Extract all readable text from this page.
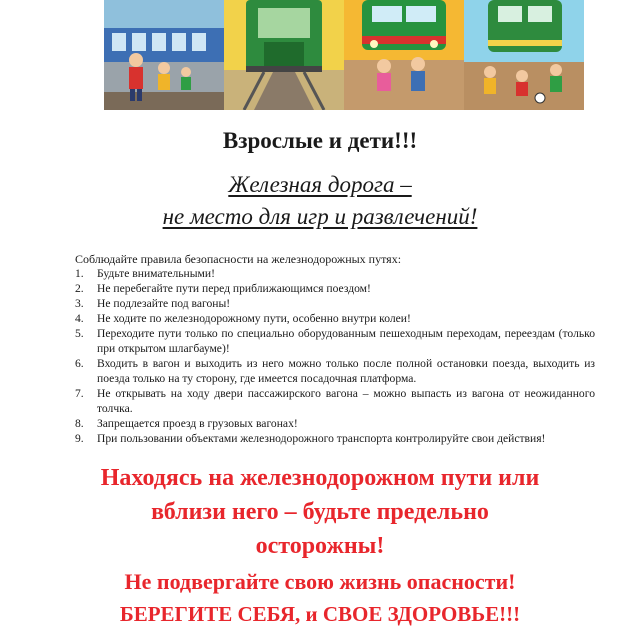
Взрослые и дети!!!
Железная дорога –
не место для игр и развлечений!
Соблюдайте правила безопасности на железнодорожных путях:
1. Будьте внимательными!
2. Не перебегайте пути перед приближающимся поездом!
3. Не подлезайте под вагоны!
4. Не ходите по железнодорожному пути, особенно внутри колеи!
5. Переходите пути только по специально оборудованным пешеходным переходам, переездам (только при открытом шлагбауме)!
6. Входить в вагон и выходить из него можно только после полной остановки поезда, выходить из поезда только на ту сторону, где имеется посадочная платформа.
7. Не открывать на ходу двери пассажирского вагона – можно выпасть из вагона от неожиданного толчка.
8. Запрещается проезд в грузовых вагонах!
9. При пользовании объектами железнодорожного транспорта контролируйте свои действия!
Находясь на железнодорожном пути или
вблизи него – будьте предельно
осторожны!
Не подвергайте свою жизнь опасности!
БЕРЕГИТЕ СЕБЯ, и СВОЕ ЗДОРОВЬЕ!!!
